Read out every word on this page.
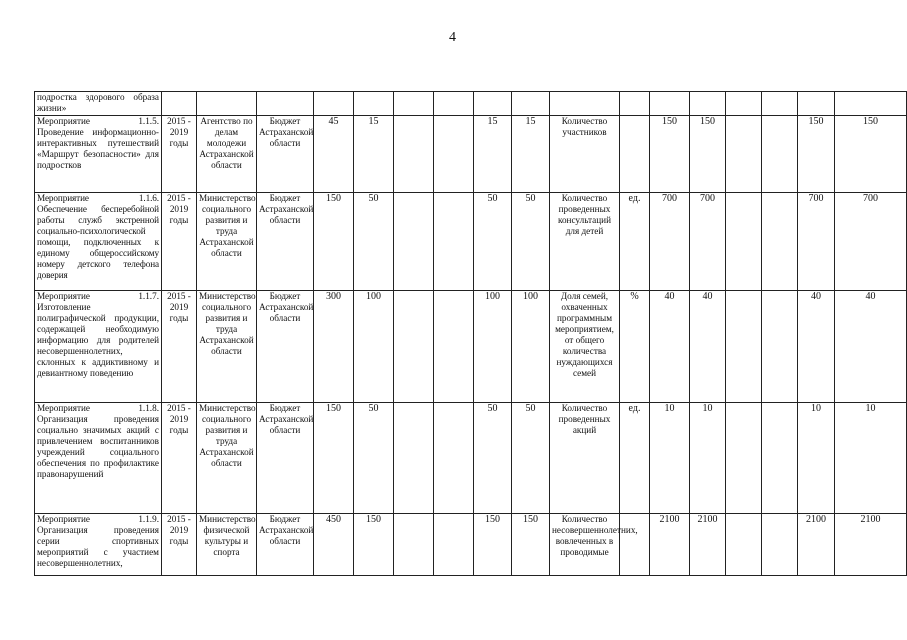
4
подростка здорового образа жизни»																	
Мероприятие 1.1.5. Проведение информационно-интерактивных путешествий «Маршрут безопасности» для подростков	2015 - 2019 годы	Агентство по делам молодежи Астраханской области	Бюджет Астраханской области	45	15			15	15	Количество участников		150	150			150	150
Мероприятие 1.1.6. Обеспечение бесперебойной работы служб экстренной социально-психологической помощи, подключенных к единому общероссийскому номеру детского телефона доверия	2015 - 2019 годы	Министерство социального развития и труда Астраханской области	Бюджет Астраханской области	150	50			50	50	Количество проведенных консультаций для детей	ед.	700	700			700	700
Мероприятие 1.1.7. Изготовление полиграфической продукции, содержащей необходимую информацию для родителей несовершеннолетних, склонных к аддиктивному и девиантному поведению	2015 - 2019 годы	Министерство социального развития и труда Астраханской области	Бюджет Астраханской области	300	100			100	100	Доля семей, охваченных программным мероприятием, от общего количества нуждающихся семей	%	40	40			40	40
Мероприятие 1.1.8. Организация проведения социально значимых акций с привлечением воспитанников учреждений социального обеспечения по профилактике правонарушений	2015 - 2019 годы	Министерство социального развития и труда Астраханской области	Бюджет Астраханской области	150	50			50	50	Количество проведенных акций	ед.	10	10			10	10
Мероприятие 1.1.9. Организация проведения серии спортивных мероприятий с участием несовершеннолетних,	2015 - 2019 годы	Министерство физической культуры и спорта	Бюджет Астраханской области	450	150			150	150	Количество несовершеннолетних, вовлеченных в проводимые		2100	2100			2100	2100
